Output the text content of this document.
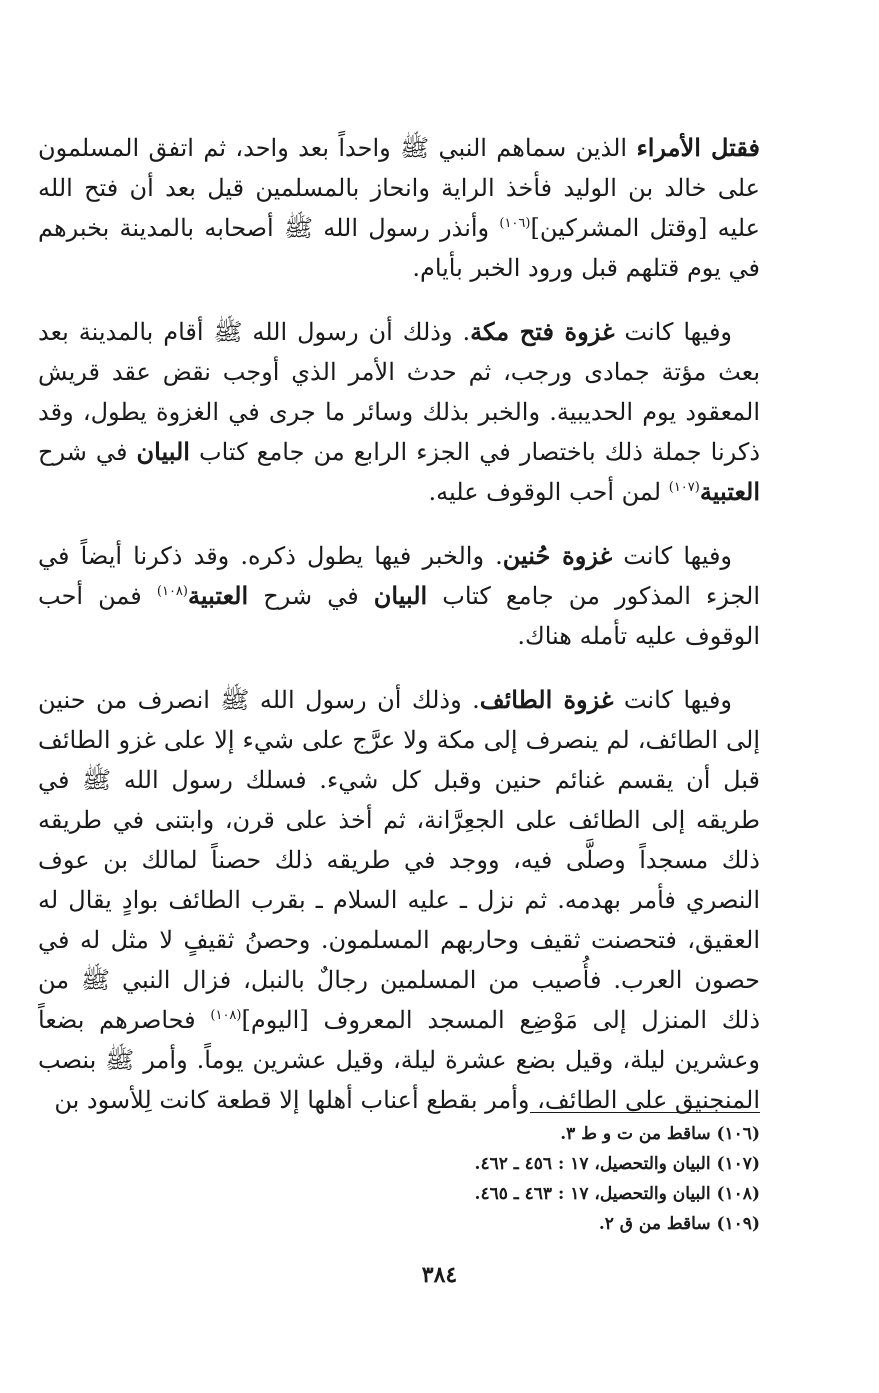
فقتل الأمراء الذين سماهم النبي ﷺ واحداً بعد واحد، ثم اتفق المسلمون على خالد بن الوليد فأخذ الراية وانحاز بالمسلمين قيل بعد أن فتح الله عليه [وقتل المشركين]$^{(١٠٦)}$ وأنذر رسول الله ﷺ أصحابه بالمدينة بخبرهم في يوم قتلهم قبل ورود الخبر بأيام.

وفيها كانت غزوة فتح مكة. وذلك أن رسول الله ﷺ أقام بالمدينة بعد بعث مؤتة جمادى ورجب، ثم حدث الأمر الذي أوجب نقض عقد قريش المعقود يوم الحديبية. والخبر بذلك وسائر ما جرى في الغزوة يطول، وقد ذكرنا جملة ذلك باختصار في الجزء الرابع من جامع كتاب البيان في شرح العتبية$^{(١٠٧)}$ لمن أحب الوقوف عليه.

وفيها كانت غزوة حُنين. والخبر فيها يطول ذكره. وقد ذكرنا أيضاً في الجزء المذكور من جامع كتاب البيان في شرح العتبية$^{(١٠٨)}$ فمن أحب الوقوف عليه تأمله هناك.

وفيها كانت غزوة الطائف. وذلك أن رسول الله ﷺ انصرف من حنين إلى الطائف، لم ينصرف إلى مكة ولا عرَّج على شيء إلا على غزو الطائف قبل أن يقسم غنائم حنين وقبل كل شيء. فسلك رسول الله ﷺ في طريقه إلى الطائف على الجعِرَّانة، ثم أخذ على قرن، وابتنى في طريقه ذلك مسجداً وصلَّى فيه، ووجد في طريقه ذلك حصناً لمالك بن عوف النصري فأمر بهدمه. ثم نزل ـ عليه السلام ـ بقرب الطائف بوادٍ يقال له العقيق، فتحصنت ثقيف وحاربهم المسلمون. وحصنُ ثقيفٍ لا مثل له في حصون العرب. فأُصيب من المسلمين رجالٌ بالنبل، فزال النبي ﷺ من ذلك المنزل إلى مَوْضِع المسجد المعروف [اليوم]$^{(١٠٨)}$ فحاصرهم بضعاً وعشرين ليلة، وقيل بضع عشرة ليلة، وقيل عشرين يوماً. وأمر ﷺ بنصب المنجنيق على الطائف، وأمر بقطع أعناب أهلها إلا قطعة كانت لِلأسود بن

(١٠٦) ساقط من ت و ط ٣.

(١٠٧) البيان والتحصيل، ١٧ : ٤٥٦ ـ ٤٦٢.

(١٠٨) البيان والتحصيل، ١٧ : ٤٦٣ ـ ٤٦٥.

(١٠٩) ساقط من ق ٢.

٣٨٤
